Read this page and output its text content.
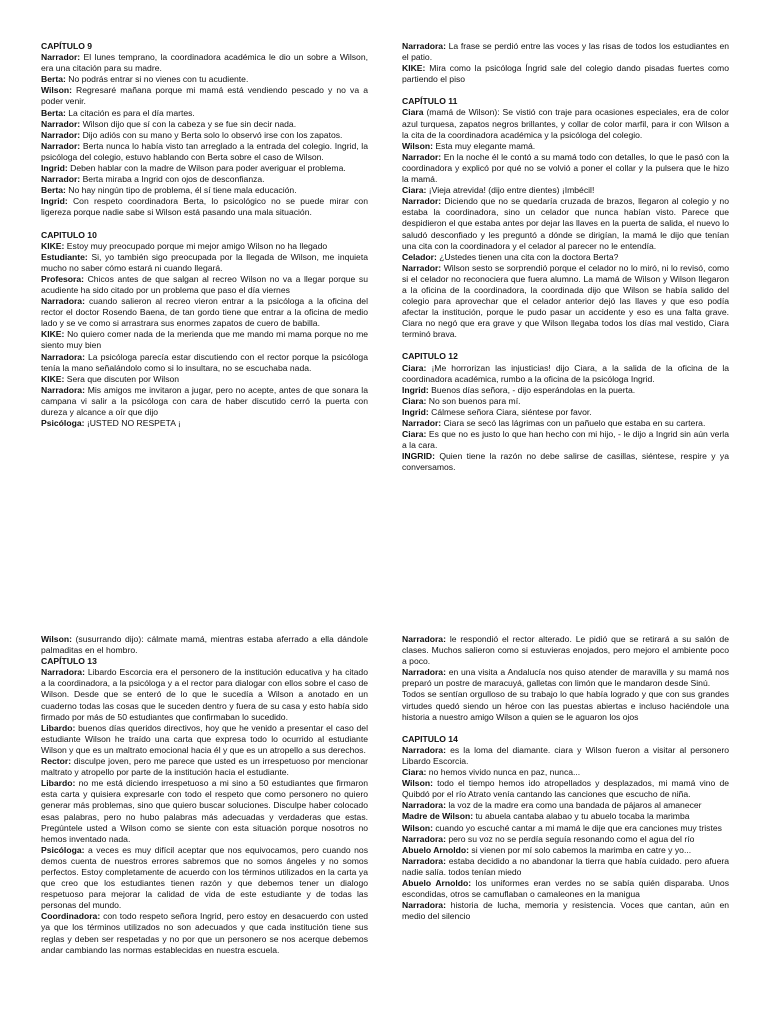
CAPÍTULO 9
Narrador: El lunes temprano, la coordinadora académica le dio un sobre a Wilson, era una citación para su madre.
Berta: No podrás entrar si no vienes con tu acudiente.
Wilson: Regresaré mañana porque mi mamá está vendiendo pescado y no va a poder venir.
Berta: La citación es para el día martes.
Narrador: Wilson dijo que sí con la cabeza y se fue sin decir nada.
Narrador: Dijo adiós con su mano y Berta solo lo observó irse con los zapatos.
Narrador: Berta nunca lo había visto tan arreglado a la entrada del colegio. Ingrid, la psicóloga del colegio, estuvo hablando con Berta sobre el caso de Wilson.
Ingrid: Deben hablar con la madre de Wilson para poder averiguar el problema.
Narrador: Berta miraba a Ingrid con ojos de desconfianza.
Berta: No hay ningún tipo de problema, él sí tiene mala educación.
Ingrid: Con respeto coordinadora Berta, lo psicológico no se puede mirar con ligereza porque nadie sabe si Wilson está pasando una mala situación.
CAPITULO 10
KIKE: Estoy muy preocupado porque mi mejor amigo Wilson no ha llegado
Estudiante: Si, yo también sigo preocupada por la llegada de Wilson, me inquieta mucho no saber cómo estará ni cuando llegará.
Profesora: Chicos antes de que salgan al recreo Wilson no va a llegar porque su acudiente ha sido citado por un problema que paso el día viernes
Narradora: cuando salieron al recreo vieron entrar a la psicóloga a la oficina del rector el doctor Rosendo Baena, de tan gordo tiene que entrar a la oficina de medio lado y se ve como si arrastrara sus enormes zapatos de cuero de babilla.
KIKE: No quiero comer nada de la merienda que me mando mi mama porque no me siento muy bien
Narradora: La psicóloga parecía estar discutiendo con el rector porque la psicóloga tenía la mano señalándolo como si lo insultara, no se escuchaba nada.
KIKE: Sera que discuten por Wilson
Narradora: Mis amigos me invitaron a jugar, pero no acepte, antes de que sonara la campana vi salir a la psicóloga con cara de haber discutido cerró la puerta con dureza y alcance a oír que dijo
Psicóloga: ¡USTED NO RESPETA ¡
Narradora: La frase se perdió entre las voces y las risas de todos los estudiantes en el patio.
KIKE: Mira como la psicóloga Íngrid sale del colegio dando pisadas fuertes como partiendo el piso
CAPÍTULO 11
Ciara (mamá de Wilson): Se vistió con traje para ocasiones especiales, era de color azul turquesa, zapatos negros brillantes, y collar de color marfil, para ir con Wilson a la cita de la coordinadora académica y la psicóloga del colegio.
Wilson: Esta muy elegante mamá.
Narrador: En la noche él le contó a su mamá todo con detalles, lo que le pasó con la coordinadora y explicó por qué no se volvió a poner el collar y la pulsera que le hizo la mamá.
Ciara: ¡Vieja atrevida! (dijo entre dientes) ¡Imbécil!
Narrador: Diciendo que no se quedaría cruzada de brazos, llegaron al colegio y no estaba la coordinadora, sino un celador que nunca habían visto. Parece que despidieron el que estaba antes por dejar las llaves en la puerta de salida, el nuevo lo saludó desconfiado y les preguntó a dónde se dirigían, la mamá le dijo que tenían una cita con la coordinadora y el celador al parecer no le entendía.
Celador: ¿Ustedes tienen una cita con la doctora Berta?
Narrador: Wilson sesto se sorprendió porque el celador no lo miró, ni lo revisó, como si el celador no reconociera que fuera alumno. La mamá de Wilson y Wilson llegaron a la oficina de la coordinadora, la coordinada dijo que Wilson se había salido del colegio para aprovechar que el celador anterior dejó las llaves y que eso podía afectar la institución, porque le pudo pasar un accidente y eso es una falta grave. Ciara no negó que era grave y que Wilson llegaba todos los días mal vestido, Ciara terminó brava.
CAPITULO 12
Ciara: ¡Me horrorizan las injusticias! dijo Ciara, a la salida de la oficina de la coordinadora académica, rumbo a la oficina de la psicóloga Ingrid.
Ingrid: Buenos días señora, - dijo esperándolas en la puerta.
Ciara: No son buenos para mí.
Ingrid: Cálmese señora Ciara, siéntese por favor.
Narrador: Ciara se secó las lágrimas con un pañuelo que estaba en su cartera.
Ciara: Es que no es justo lo que han hecho con mi hijo, - le dijo a Ingrid sin aún verla a la cara.
INGRID: Quien tiene la razón no debe salirse de casillas, siéntese, respire y ya conversamos.
Wilson: (susurrando dijo): cálmate mamá, mientras estaba aferrado a ella dándole palmaditas en el hombro.
CAPÍTULO 13
Narradora: Libardo Escorcia era el personero de la institución educativa y ha citado a la coordinadora, a la psicóloga y a el rector para dialogar con ellos sobre el caso de Wilson. Desde que se enteró de lo que le sucedía a Wilson a anotado en un cuaderno todas las cosas que le suceden dentro y fuera de su casa y esto había sido firmado por más de 50 estudiantes que confirmaban lo sucedido.
Libardo: buenos días queridos directivos, hoy que he venido a presentar el caso del estudiante Wilson he traído una carta que expresa todo lo ocurrido al estudiante Wilson y que es un maltrato emocional hacia él y que es un atropello a sus derechos.
Rector: disculpe joven, pero me parece que usted es un irrespetuoso por mencionar maltrato y atropello por parte de la institución hacia el estudiante.
Libardo: no me está diciendo irrespetuoso a mi sino a 50 estudiantes que firmaron esta carta y quisiera expresarle con todo el respeto que como personero no quiero generar más problemas, sino que quiero buscar soluciones. Disculpe haber colocado esas palabras, pero no hubo palabras más adecuadas y verdaderas que estas. Pregúntele usted a Wilson como se siente con esta situación porque nosotros no hemos inventado nada.
Psicóloga: a veces es muy difícil aceptar que nos equivocamos, pero cuando nos demos cuenta de nuestros errores sabremos que no somos ángeles y no somos perfectos. Estoy completamente de acuerdo con los términos utilizados en la carta ya que creo que los estudiantes tienen razón y que debemos tener un dialogo respetuoso para mejorar la calidad de vida de este estudiante y de todas las personas del mundo.
Coordinadora: con todo respeto señora Ingrid, pero estoy en desacuerdo con usted ya que los términos utilizados no son adecuados y que cada institución tiene sus reglas y deben ser respetadas y no por que un personero se nos acerque debemos andar cambiando las normas establecidas en nuestra escuela.
Narradora: le respondió el rector alterado. Le pidió que se retirará a su salón de clases. Muchos salieron como si estuvieras enojados, pero mejoro el ambiente poco a poco.
Narradora: en una visita a Andalucía nos quiso atender de maravilla y su mamá nos preparó un postre de maracuyá, galletas con limón que le mandaron desde Sinú.
Todos se sentían orgulloso de su trabajo lo que había logrado y que con sus grandes virtudes quedó siendo un héroe con las puestas abiertas e incluso haciéndole una historia a nuestro amigo Wilson a quien se le aguaron los ojos
CAPITULO 14
Narradora: es la loma del diamante. ciara y Wilson fueron a visitar al personero Libardo Escorcia.
Ciara: no hemos vivido nunca en paz, nunca...
Wilson: todo el tiempo hemos ido atropellados y desplazados, mi mamá vino de Quibdó por el río Atrato venía cantando las canciones que escucho de niña.
Narradora: la voz de la madre era como una bandada de pájaros al amanecer
Madre de Wilson: tu abuela cantaba alabao y tu abuelo tocaba la marimba
Wilson: cuando yo escuché cantar a mi mamá le dije que era canciones muy tristes
Narradora: pero su voz no se perdía seguía resonando como el agua del río
Abuelo Arnoldo: si vienen por mí solo cabemos la marimba en catre y yo...
Narradora: estaba decidido a no abandonar la tierra que había cuidado. pero afuera nadie salía. todos tenían miedo
Abuelo Arnoldo: los uniformes eran verdes no se sabía quién disparaba. Unos escondidas, otros se camuflaban o camaleones en la manigua
Narradora: historia de lucha, memoria y resistencia. Voces que cantan, aún en medio del silencio
